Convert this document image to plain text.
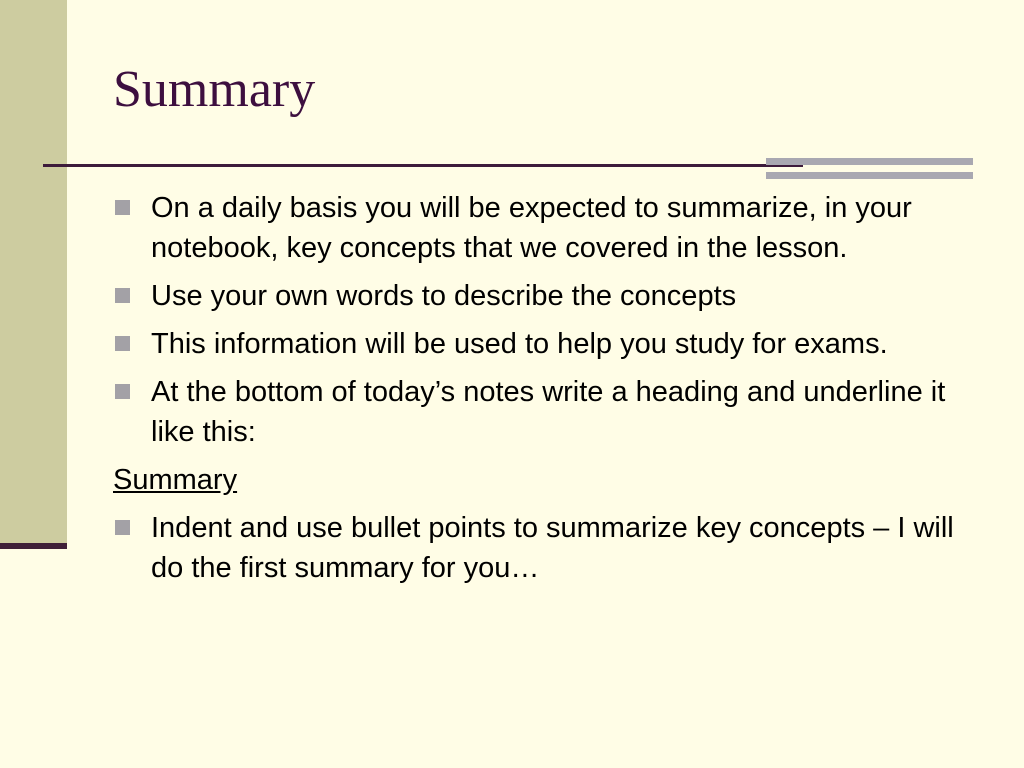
Summary
On a daily basis you will be expected to summarize, in your notebook, key concepts that we covered in the lesson.
Use your own words to describe the concepts
This information will be used to help you study for exams.
At the bottom of today’s notes write a heading and underline it like this:
Summary
Indent and use bullet points to summarize key concepts – I will do the first summary for you…
